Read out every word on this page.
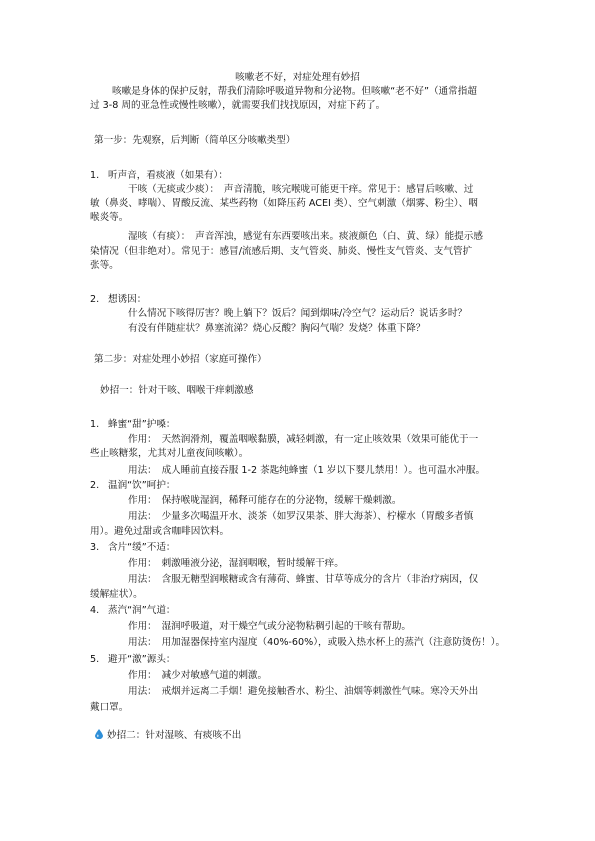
咳嗽老不好，对症处理有妙招
咳嗽是身体的保护反射，帮我们清除呼吸道异物和分泌物。但咳嗽“老不好”（通常指超
过 3-8 周的亚急性或慢性咳嗽），就需要我们找找原因，对症下药了。
第一步：先观察，后判断（简单区分咳嗽类型）
1. 听声音，看痰液（如果有）：
干咳（无痰或少痰）：　声音清脆，咳完喉咙可能更干痒。常见于：感冒后咳嗽、过
敏（鼻炎、哮喘）、胃酸反流、某些药物（如降压药 ACEI 类）、空气刺激（烟雾、粉尘）、咽
喉炎等。
湿咳（有痰）：　声音浑浊，感觉有东西要咳出来。痰液颜色（白、黄、绿）能提示感
染情况（但非绝对）。常见于：感冒/流感后期、支气管炎、肺炎、慢性支气管炎、支气管扩
张等。
2. 想诱因：
什么情况下咳得厉害？晚上躺下？饭后？闻到烟味/冷空气？运动后？说话多时？
有没有伴随症状？鼻塞流涕？烧心反酸？胸闷气喘？发烧？体重下降？
第二步：对症处理小妙招（家庭可操作）
妙招一：针对干咳、咽喉干痒刺激感
1. 蜂蜜“甜”护嗓：
作用：　天然润滑剂，覆盖咽喉黏膜，减轻刺激，有一定止咳效果（效果可能优于一
些止咳糖浆，尤其对儿童夜间咳嗽）。
用法：　成人睡前直接吞服 1-2 茶匙纯蜂蜜（1 岁以下婴儿禁用！）。也可温水冲服。
2. 温润“饮”呵护：
作用：　保持喉咙湿润，稀释可能存在的分泌物，缓解干燥刺激。
用法：　少量多次喝温开水、淡茶（如罗汉果茶、胖大海茶）、柠檬水（胃酸多者慎
用）。避免过甜或含咖啡因饮料。
3. 含片“缓”不适：
作用：　刺激唾液分泌，湿润咽喉，暂时缓解干痒。
用法：　含服无糖型润喉糖或含有薄荷、蜂蜜、甘草等成分的含片（非治疗病因，仅
缓解症状）。
4. 蒸汽“润”气道：
作用：　湿润呼吸道，对干燥空气或分泌物粘稠引起的干咳有帮助。
用法：　用加湿器保持室内湿度（40%-60%），或吸入热水杯上的蒸汽（注意防烫伤！）。
5. 避开“激”源头：
作用：　减少对敏感气道的刺激。
用法：　戒烟并远离二手烟！避免接触香水、粉尘、油烟等刺激性气味。寒冷天外出
戴口罩。
妙招二：针对湿咳、有痰咳不出
